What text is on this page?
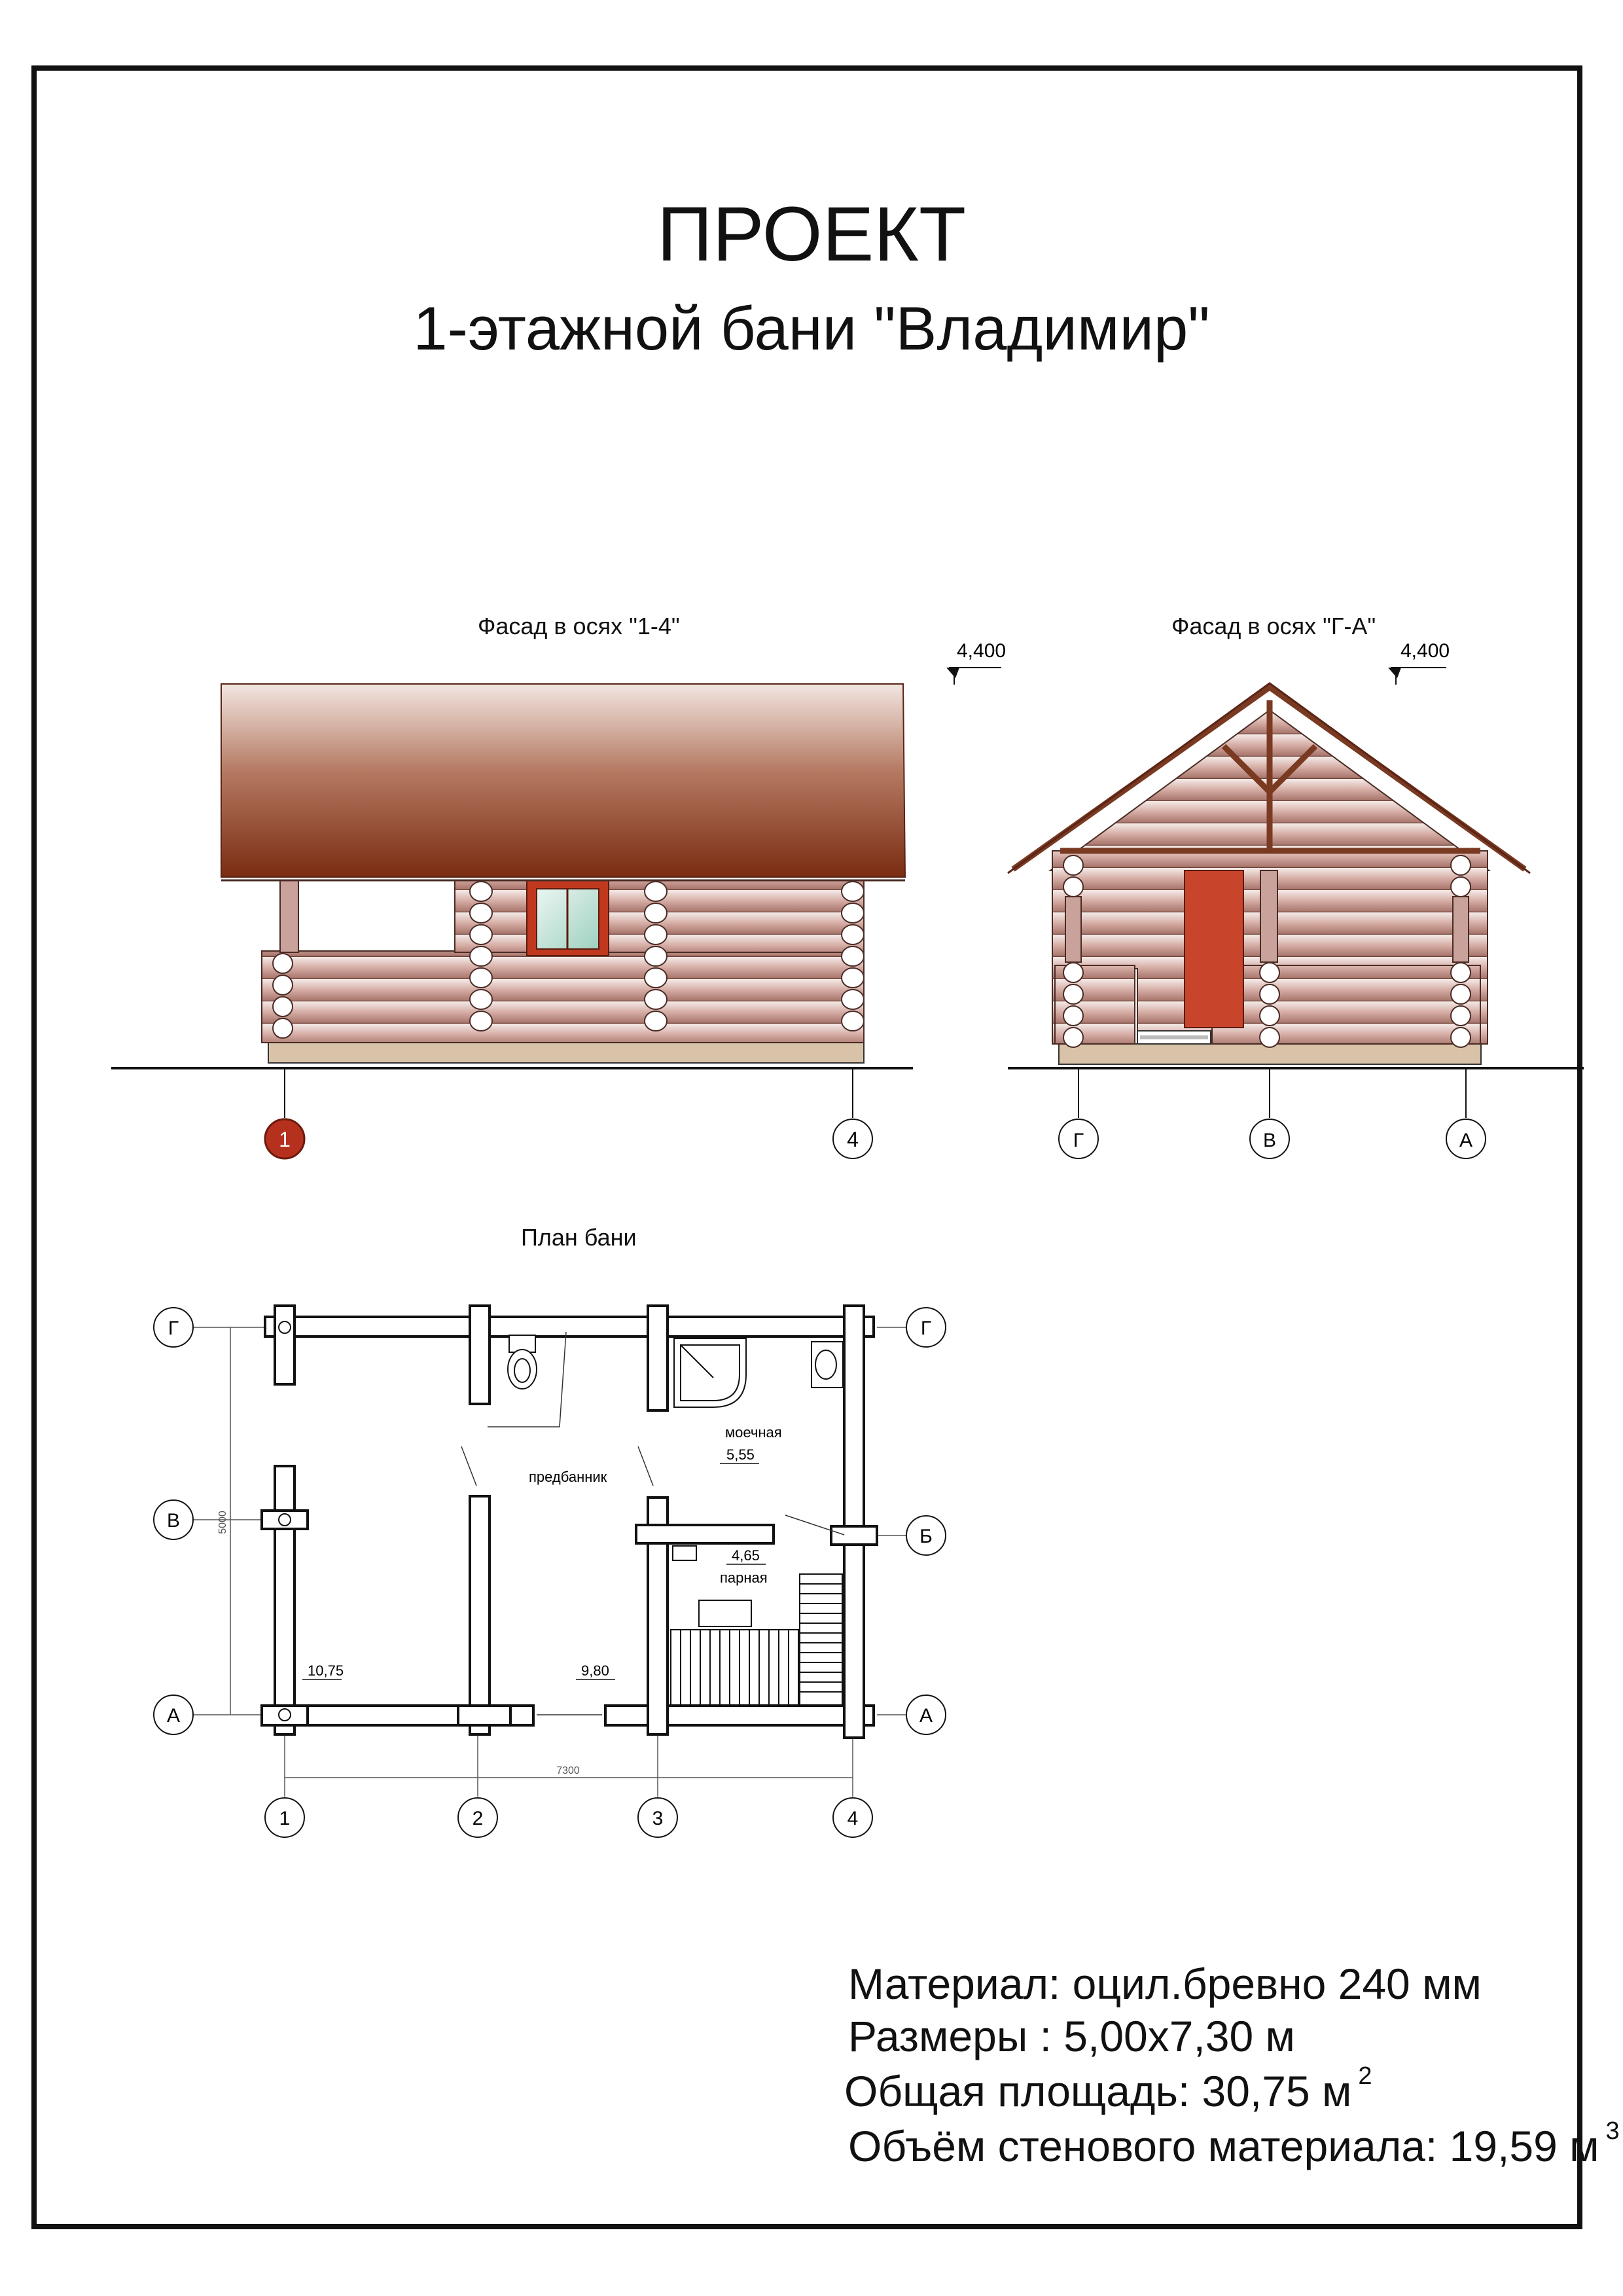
ПРОЕКТ
1-этажной бани "Владимир"
Фасад в осях "1-4"	Фасад в осях "Г-А"
План бани
4,400
1	4
4,400
Г	В	А
7300
5000
моечная
5,55
предбанник
4,65
парная
10,75	9,80
Г
В
А
Г
Б
А
1	2	3	4
Материал: оцил.бревно 240 мм
Размеры : 5,00x7,30 м
Общая площадь: 30,75 м $^2$
Объём стенового материала: 19,59 м $^3$
